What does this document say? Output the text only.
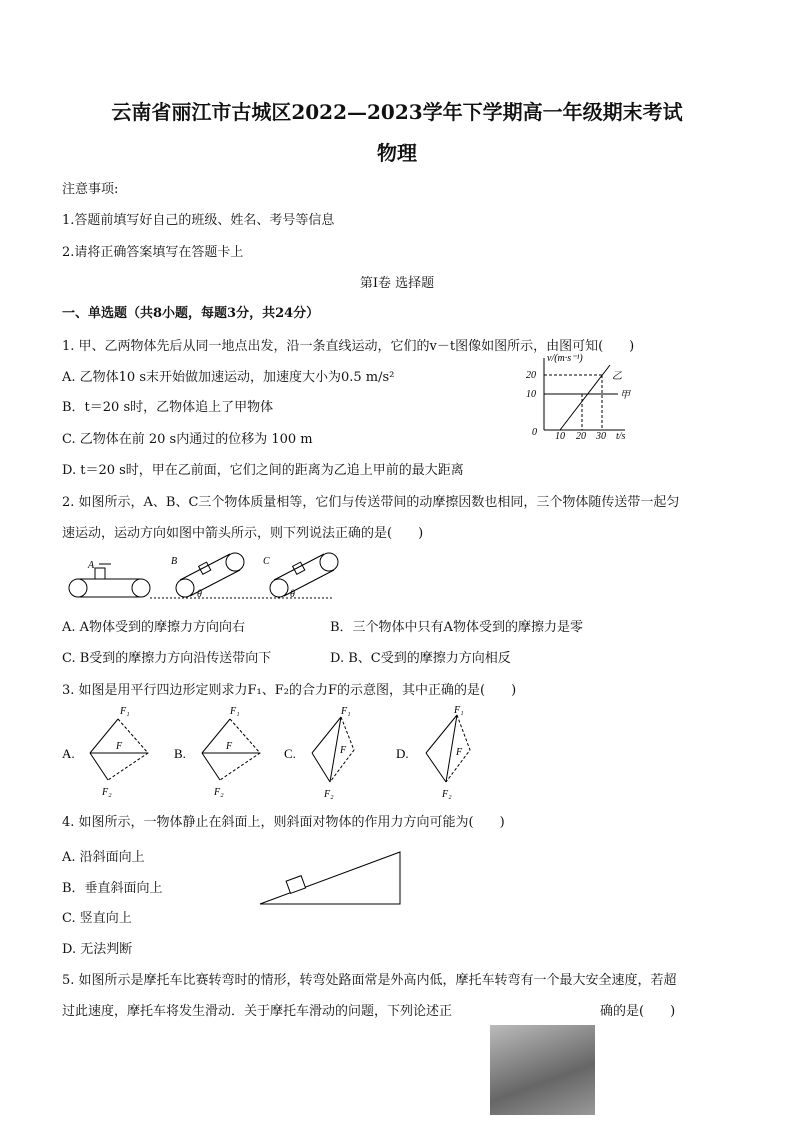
云南省丽江市古城区2022—2023学年下学期高一年级期末考试
物理
注意事项:
1.答题前填写好自己的班级、姓名、考号等信息
2.请将正确答案填写在答题卡上
第Ⅰ卷 选择题
一、单选题（共8小题，每题3分，共24分）
1. 甲、乙两物体先后从同一地点出发，沿一条直线运动，它们的v－t图像如图所示，由图可知(　　)
A. 乙物体10 s末开始做加速运动，加速度大小为0.5 m/s²
B．t＝20 s时，乙物体追上了甲物体
C. 乙物体在前 20 s内通过的位移为 100 m
D. t＝20 s时，甲在乙前面，它们之间的距离为乙追上甲前的最大距离
v/(m·s⁻¹)
20
10
0 10 20 30 t/s
乙
甲
2. 如图所示，A、B、C三个物体质量相等，它们与传送带间的动摩擦因数也相同，三个物体随传送带一起匀
速运动，运动方向如图中箭头所示，则下列说法正确的是(　　)
A	B	C
θ	θ
A. A物体受到的摩擦力方向向右	B．三个物体中只有A物体受到的摩擦力是零
C. B受到的摩擦力方向沿传送带向下	D. B、C受到的摩擦力方向相反
3. 如图是用平行四边形定则求力F₁、F₂的合力F的示意图，其中正确的是(　　)
A.	B.	C.	D.
F₁
F
F₂
F₁
F
F₂
F₁
F
F₂
F₁
F
F₂
4. 如图所示，一物体静止在斜面上，则斜面对物体的作用力方向可能为(　　)
A. 沿斜面向上
B．垂直斜面向上
C. 竖直向上
D. 无法判断
5. 如图所示是摩托车比赛转弯时的情形，转弯处路面常是外高内低，摩托车转弯有一个最大安全速度，若超
过此速度，摩托车将发生滑动．关于摩托车滑动的问题，下列论述正	确的是(　　)
